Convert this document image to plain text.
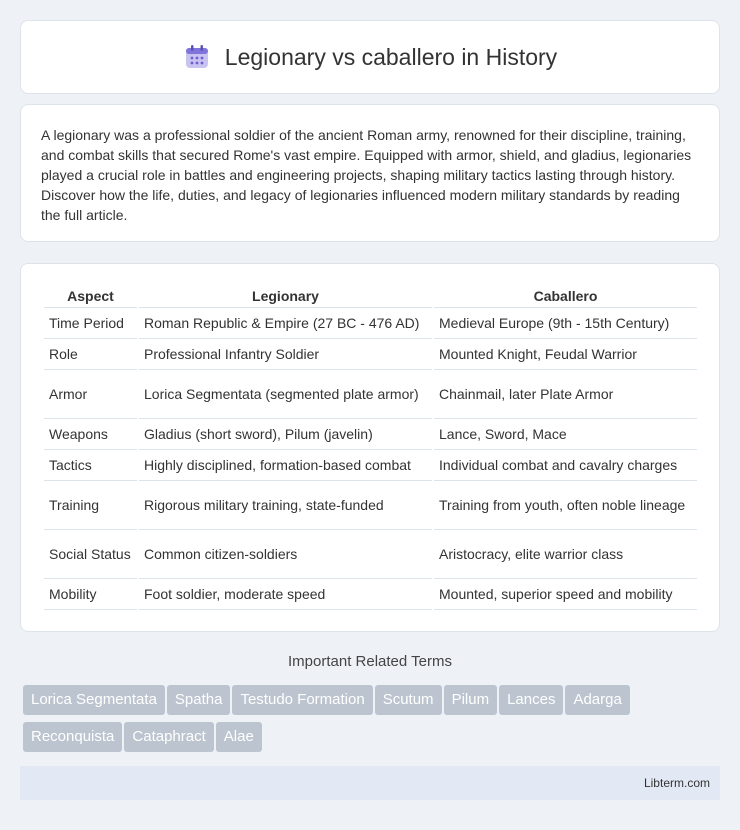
Legionary vs caballero in History

A legionary was a professional soldier of the ancient Roman army, renowned for their discipline, training, and combat skills that secured Rome's vast empire. Equipped with armor, shield, and gladius, legionaries played a crucial role in battles and engineering projects, shaping military tactics lasting through history. Discover how the life, duties, and legacy of legionaries influenced modern military standards by reading the full article.

Aspect	Legionary	Caballero
Time Period	Roman Republic & Empire (27 BC - 476 AD)	Medieval Europe (9th - 15th Century)
Role	Professional Infantry Soldier	Mounted Knight, Feudal Warrior
Armor	Lorica Segmentata (segmented plate armor)	Chainmail, later Plate Armor
Weapons	Gladius (short sword), Pilum (javelin)	Lance, Sword, Mace
Tactics	Highly disciplined, formation-based combat	Individual combat and cavalry charges
Training	Rigorous military training, state-funded	Training from youth, often noble lineage
Social Status	Common citizen-soldiers	Aristocracy, elite warrior class
Mobility	Foot soldier, moderate speed	Mounted, superior speed and mobility
Important Related Terms
Lorica Segmentata Spatha Testudo Formation Scutum Pilum Lances AdargaReconquista Cataphract Alae
Libterm.com
